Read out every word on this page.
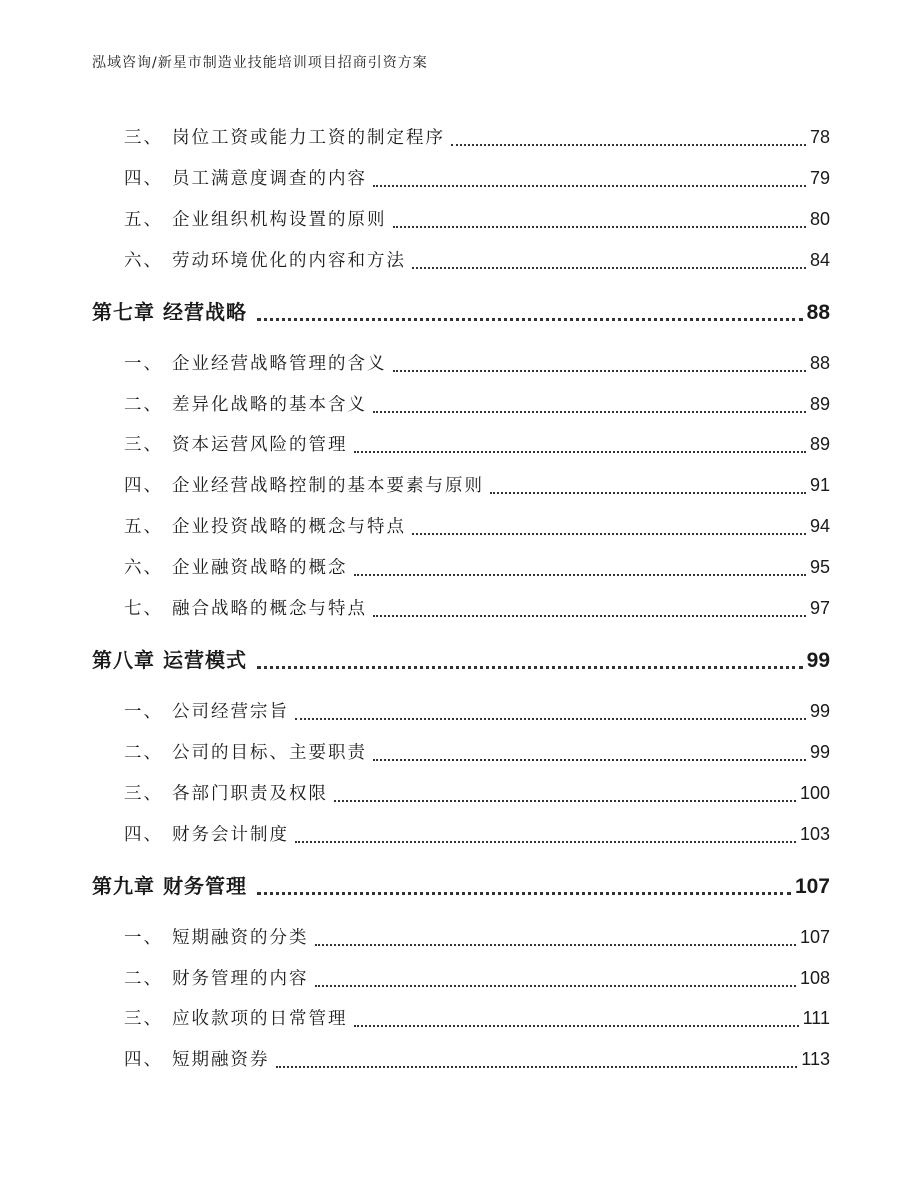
泓域咨询/新星市制造业技能培训项目招商引资方案
三、 岗位工资或能力工资的制定程序	78
四、 员工满意度调查的内容	79
五、 企业组织机构设置的原则	80
六、 劳动环境优化的内容和方法	84
第七章 经营战略	88
一、 企业经营战略管理的含义	88
二、 差异化战略的基本含义	89
三、 资本运营风险的管理	89
四、 企业经营战略控制的基本要素与原则	91
五、 企业投资战略的概念与特点	94
六、 企业融资战略的概念	95
七、 融合战略的概念与特点	97
第八章 运营模式	99
一、 公司经营宗旨	99
二、 公司的目标、主要职责	99
三、 各部门职责及权限	100
四、 财务会计制度	103
第九章 财务管理	107
一、 短期融资的分类	107
二、 财务管理的内容	108
三、 应收款项的日常管理	111
四、 短期融资券	113
